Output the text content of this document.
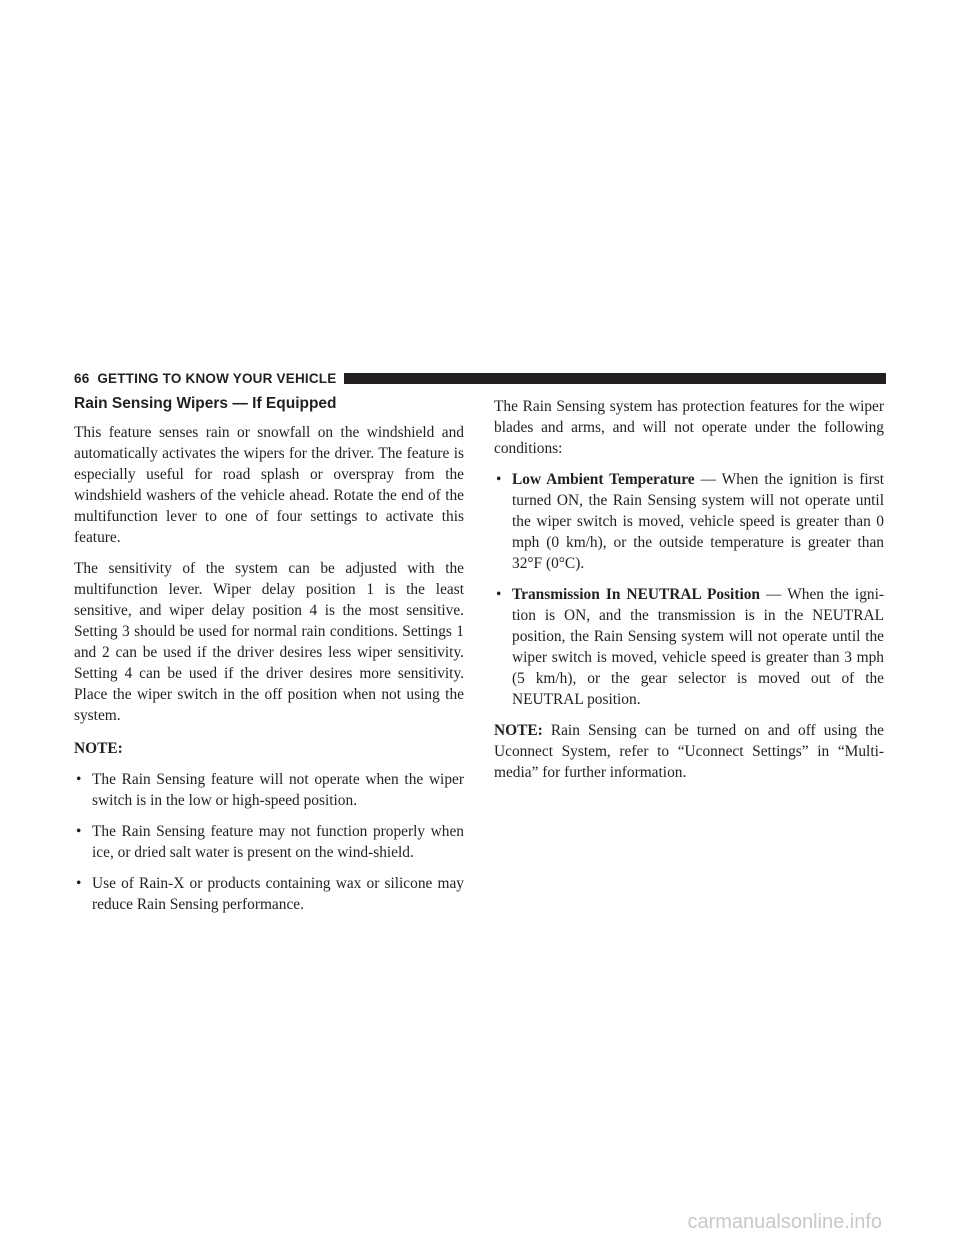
66 GETTING TO KNOW YOUR VEHICLE
Rain Sensing Wipers — If Equipped

This feature senses rain or snowfall on the windshield and automatically activates the wipers for the driver. The feature is especially useful for road splash or overspray from the windshield washers of the vehicle ahead. Rotate the end of the multifunction lever to one of four settings to activate this feature.

The sensitivity of the system can be adjusted with the multifunction lever. Wiper delay position 1 is the least sensitive, and wiper delay position 4 is the most sensitive. Setting 3 should be used for normal rain conditions. Settings 1 and 2 can be used if the driver desires less wiper sensitivity. Setting 4 can be used if the driver desires more sensitivity. Place the wiper switch in the off position when not using the system.

NOTE:
• The Rain Sensing feature will not operate when the wiper switch is in the low or high-speed position.
• The Rain Sensing feature may not function properly when ice, or dried salt water is present on the wind-shield.
• Use of Rain-X or products containing wax or silicone may reduce Rain Sensing performance.

The Rain Sensing system has protection features for the wiper blades and arms, and will not operate under the following conditions:

• Low Ambient Temperature — When the ignition is first turned ON, the Rain Sensing system will not operate until the wiper switch is moved, vehicle speed is greater than 0 mph (0 km/h), or the outside temperature is greater than 32°F (0°C).
• Transmission In NEUTRAL Position — When the igni-tion is ON, and the transmission is in the NEUTRAL position, the Rain Sensing system will not operate until the wiper switch is moved, vehicle speed is greater than 3 mph (5 km/h), or the gear selector is moved out of the NEUTRAL position.

NOTE: Rain Sensing can be turned on and off using the Uconnect System, refer to “Uconnect Settings” in “Multi-media” for further information.

carmanualsonline.info
